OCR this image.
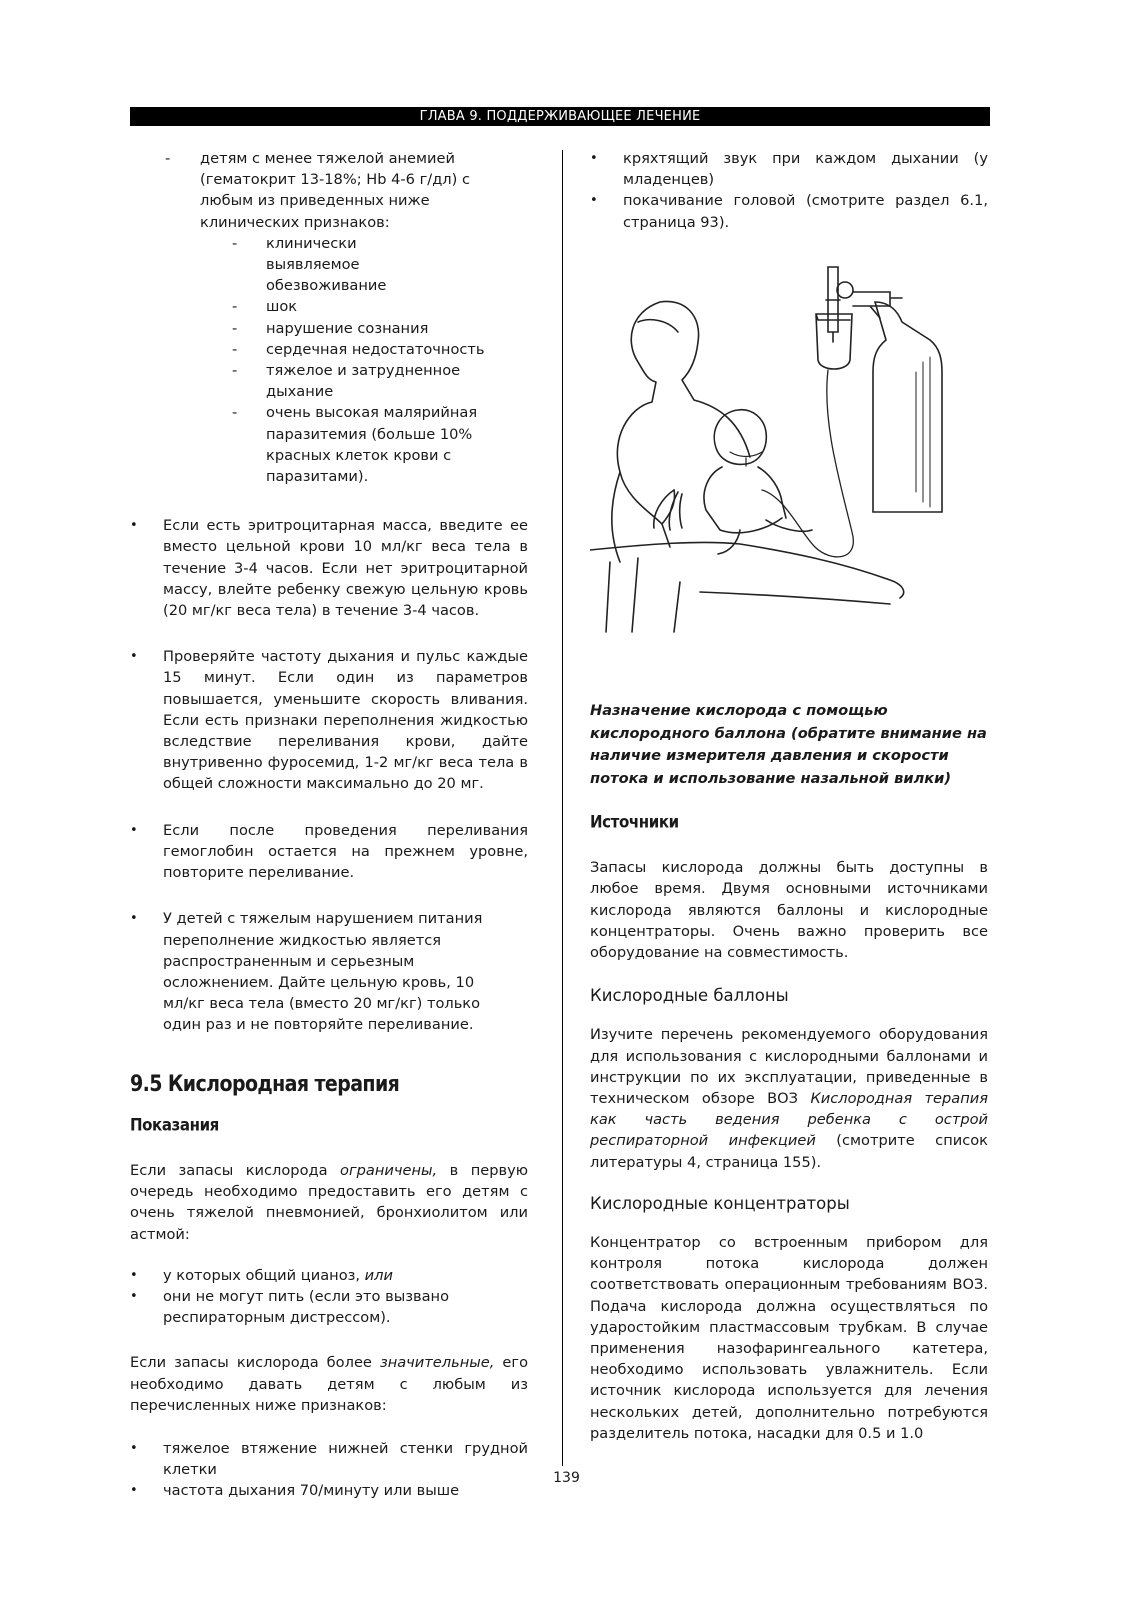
ГЛАВА 9. ПОДДЕРЖИВАЮЩЕЕ ЛЕЧЕНИЕ

- детям с менее тяжелой анемией (гематокрит 13-18%; Hb 4-6 г/дл) с любым из приведенных ниже клинических признаков:

- клинически выявляемое обезвоживание

- шок

- нарушение сознания

- сердечная недостаточность

- тяжелое и затрудненное дыхание

- очень высокая малярийная паразитемия (больше 10% красных клеток крови с паразитами).

• Если есть эритроцитарная масса, введите ее вместо цельной крови 10 мл/кг веса тела в течение 3-4 часов. Если нет эритроцитарной массу, влейте ребенку свежую цельную кровь (20 мг/кг веса тела) в течение 3-4 часов.

• Проверяйте частоту дыхания и пульс каждые 15 минут. Если один из параметров повышается, уменьшите скорость вливания. Если есть признаки переполнения жидкостью вследствие переливания крови, дайте внутривенно фуросемид, 1-2 мг/кг веса тела в общей сложности максимально до 20 мг.

• Если после проведения переливания гемоглобин остается на прежнем уровне, повторите переливание.

• У детей с тяжелым нарушением питания переполнение жидкостью является распространенным и серьезным осложнением. Дайте цельную кровь, 10 мл/кг веса тела (вместо 20 мг/кг) только один раз и не повторяйте переливание.

9.5 Кислородная терапия

Показания

Если запасы кислорода ограничены, в первую очередь необходимо предоставить его детям с очень тяжелой пневмонией, бронхиолитом или астмой:

• у которых общий цианоз, или

• они не могут пить (если это вызвано респираторным дистрессом).

Если запасы кислорода более значительные, его необходимо давать детям с любым из перечисленных ниже признаков:

• тяжелое втяжение нижней стенки грудной клетки

• частота дыхания 70/минуту или выше

• кряхтящий звук при каждом дыхании (у младенцев)

• покачивание головой (смотрите раздел 6.1, страница 93).

Назначение кислорода с помощью кислородного баллона (обратите внимание на наличие измерителя давления и скорости потока и использование назальной вилки)

Источники

Запасы кислорода должны быть доступны в любое время. Двумя основными источниками кислорода являются баллоны и кислородные концентраторы. Очень важно проверить все оборудование на совместимость.

Кислородные баллоны

Изучите перечень рекомендуемого оборудования для использования с кислородными баллонами и инструкции по их эксплуатации, приведенные в техническом обзоре ВОЗ Кислородная терапия как часть ведения ребенка с острой респираторной инфекцией (смотрите список литературы 4, страница 155).

Кислородные концентраторы

Концентратор со встроенным прибором для контроля потока кислорода должен соответствовать операционным требованиям ВОЗ. Подача кислорода должна осуществляться по ударостойким пластмассовым трубкам. В случае применения назофарингеального катетера, необходимо использовать увлажнитель. Если источник кислорода используется для лечения нескольких детей, дополнительно потребуются разделитель потока, насадки для 0.5 и 1.0

139
